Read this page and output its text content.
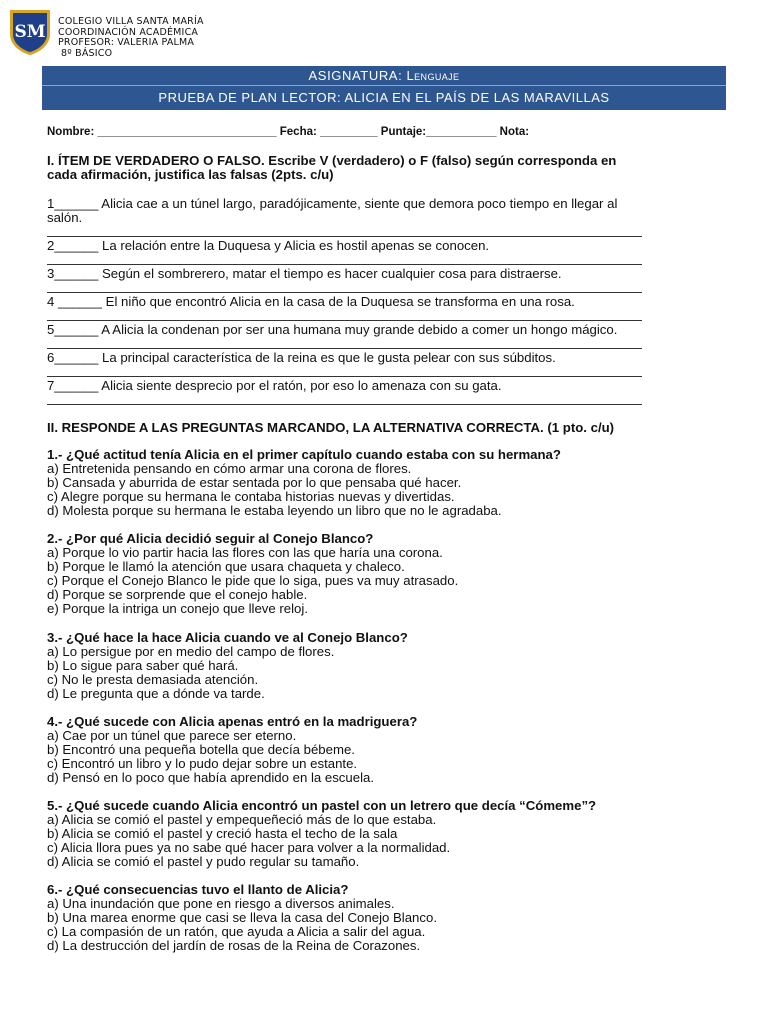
SM
COLEGIO VILLA SANTA MARÍA
COORDINACIÓN ACADÉMICA
PROFESOR: VALERIA PALMA
8º BÁSICO
ASIGNATURA: Lenguaje
PRUEBA DE PLAN LECTOR: ALICIA EN EL PAÍS DE LAS MARAVILLAS
Nombre: ____________________________ Fecha: _________ Puntaje:___________ Nota:
I. ÍTEM DE VERDADERO O FALSO. Escribe V (verdadero) o F (falso) según corresponda en
cada afirmación, justifica las falsas (2pts. c/u)
1______ Alicia cae a un túnel largo, paradójicamente, siente que demora poco tiempo en llegar al
salón.
2______ La relación entre la Duquesa y Alicia es hostil apenas se conocen.
3______ Según el sombrerero, matar el tiempo es hacer cualquier cosa para distraerse.
4 ______ El niño que encontró Alicia en la casa de la Duquesa se transforma en una rosa.
5______ A Alicia la condenan por ser una humana muy grande debido a comer un hongo mágico.
6______ La principal característica de la reina es que le gusta pelear con sus súbditos.
7______ Alicia siente desprecio por el ratón, por eso lo amenaza con su gata.
II. RESPONDE A LAS PREGUNTAS MARCANDO, LA ALTERNATIVA CORRECTA. (1 pto. c/u)
1.- ¿Qué actitud tenía Alicia en el primer capítulo cuando estaba con su hermana?
a) Entretenida pensando en cómo armar una corona de flores.
b) Cansada y aburrida de estar sentada por lo que pensaba qué hacer.
c) Alegre porque su hermana le contaba historias nuevas y divertidas.
d) Molesta porque su hermana le estaba leyendo un libro que no le agradaba.
2.- ¿Por qué Alicia decidió seguir al Conejo Blanco?
a) Porque lo vio partir hacia las flores con las que haría una corona.
b) Porque le llamó la atención que usara chaqueta y chaleco.
c) Porque el Conejo Blanco le pide que lo siga, pues va muy atrasado.
d) Porque se sorprende que el conejo hable.
e) Porque la intriga un conejo que lleve reloj.
3.- ¿Qué hace la hace Alicia cuando ve al Conejo Blanco?
a) Lo persigue por en medio del campo de flores.
b) Lo sigue para saber qué hará.
c) No le presta demasiada atención.
d) Le pregunta que a dónde va tarde.
4.- ¿Qué sucede con Alicia apenas entró en la madriguera?
a) Cae por un túnel que parece ser eterno.
b) Encontró una pequeña botella que decía bébeme.
c) Encontró un libro y lo pudo dejar sobre un estante.
d) Pensó en lo poco que había aprendido en la escuela.
5.- ¿Qué sucede cuando Alicia encontró un pastel con un letrero que decía “Cómeme”?
a) Alicia se comió el pastel y empequeñeció más de lo que estaba.
b) Alicia se comió el pastel y creció hasta el techo de la sala
c) Alicia llora pues ya no sabe qué hacer para volver a la normalidad.
d) Alicia se comió el pastel y pudo regular su tamaño.
6.- ¿Qué consecuencias tuvo el llanto de Alicia?
a) Una inundación que pone en riesgo a diversos animales.
b) Una marea enorme que casi se lleva la casa del Conejo Blanco.
c) La compasión de un ratón, que ayuda a Alicia a salir del agua.
d) La destrucción del jardín de rosas de la Reina de Corazones.
